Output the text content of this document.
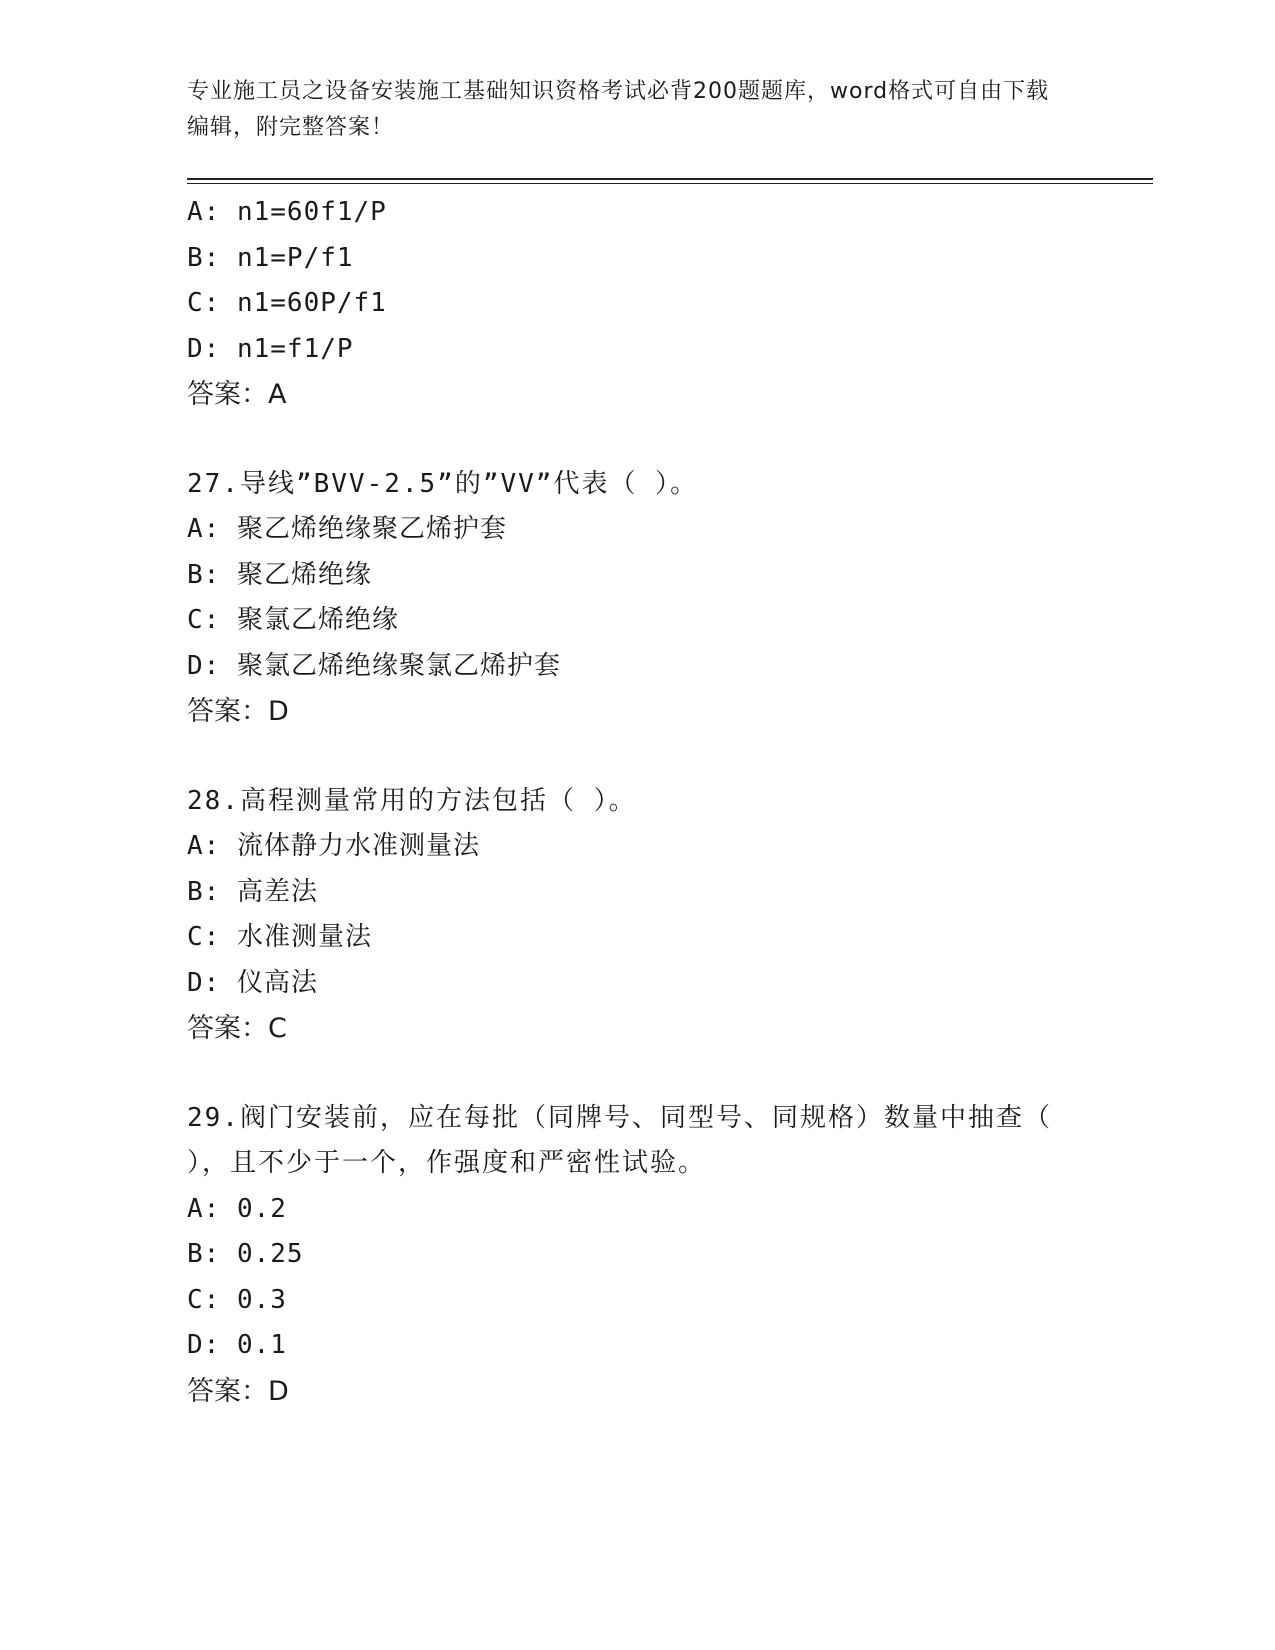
专业施工员之设备安装施工基础知识资格考试必背200题题库，word格式可自由下载编辑，附完整答案！
A: n1=60f1/P
B: n1=P/f1
C: n1=60P/f1
D: n1=f1/P
答案：A
27.导线”BVV-2.5”的”VV”代表（ ）。
A: 聚乙烯绝缘聚乙烯护套
B: 聚乙烯绝缘
C: 聚氯乙烯绝缘
D: 聚氯乙烯绝缘聚氯乙烯护套
答案：D
28.高程测量常用的方法包括（ ）。
A: 流体静力水准测量法
B: 高差法
C: 水准测量法
D: 仪高法
答案：C
29.阀门安装前，应在每批（同牌号、同型号、同规格）数量中抽查（
），且不少于一个，作强度和严密性试验。
A: 0.2
B: 0.25
C: 0.3
D: 0.1
答案：D
